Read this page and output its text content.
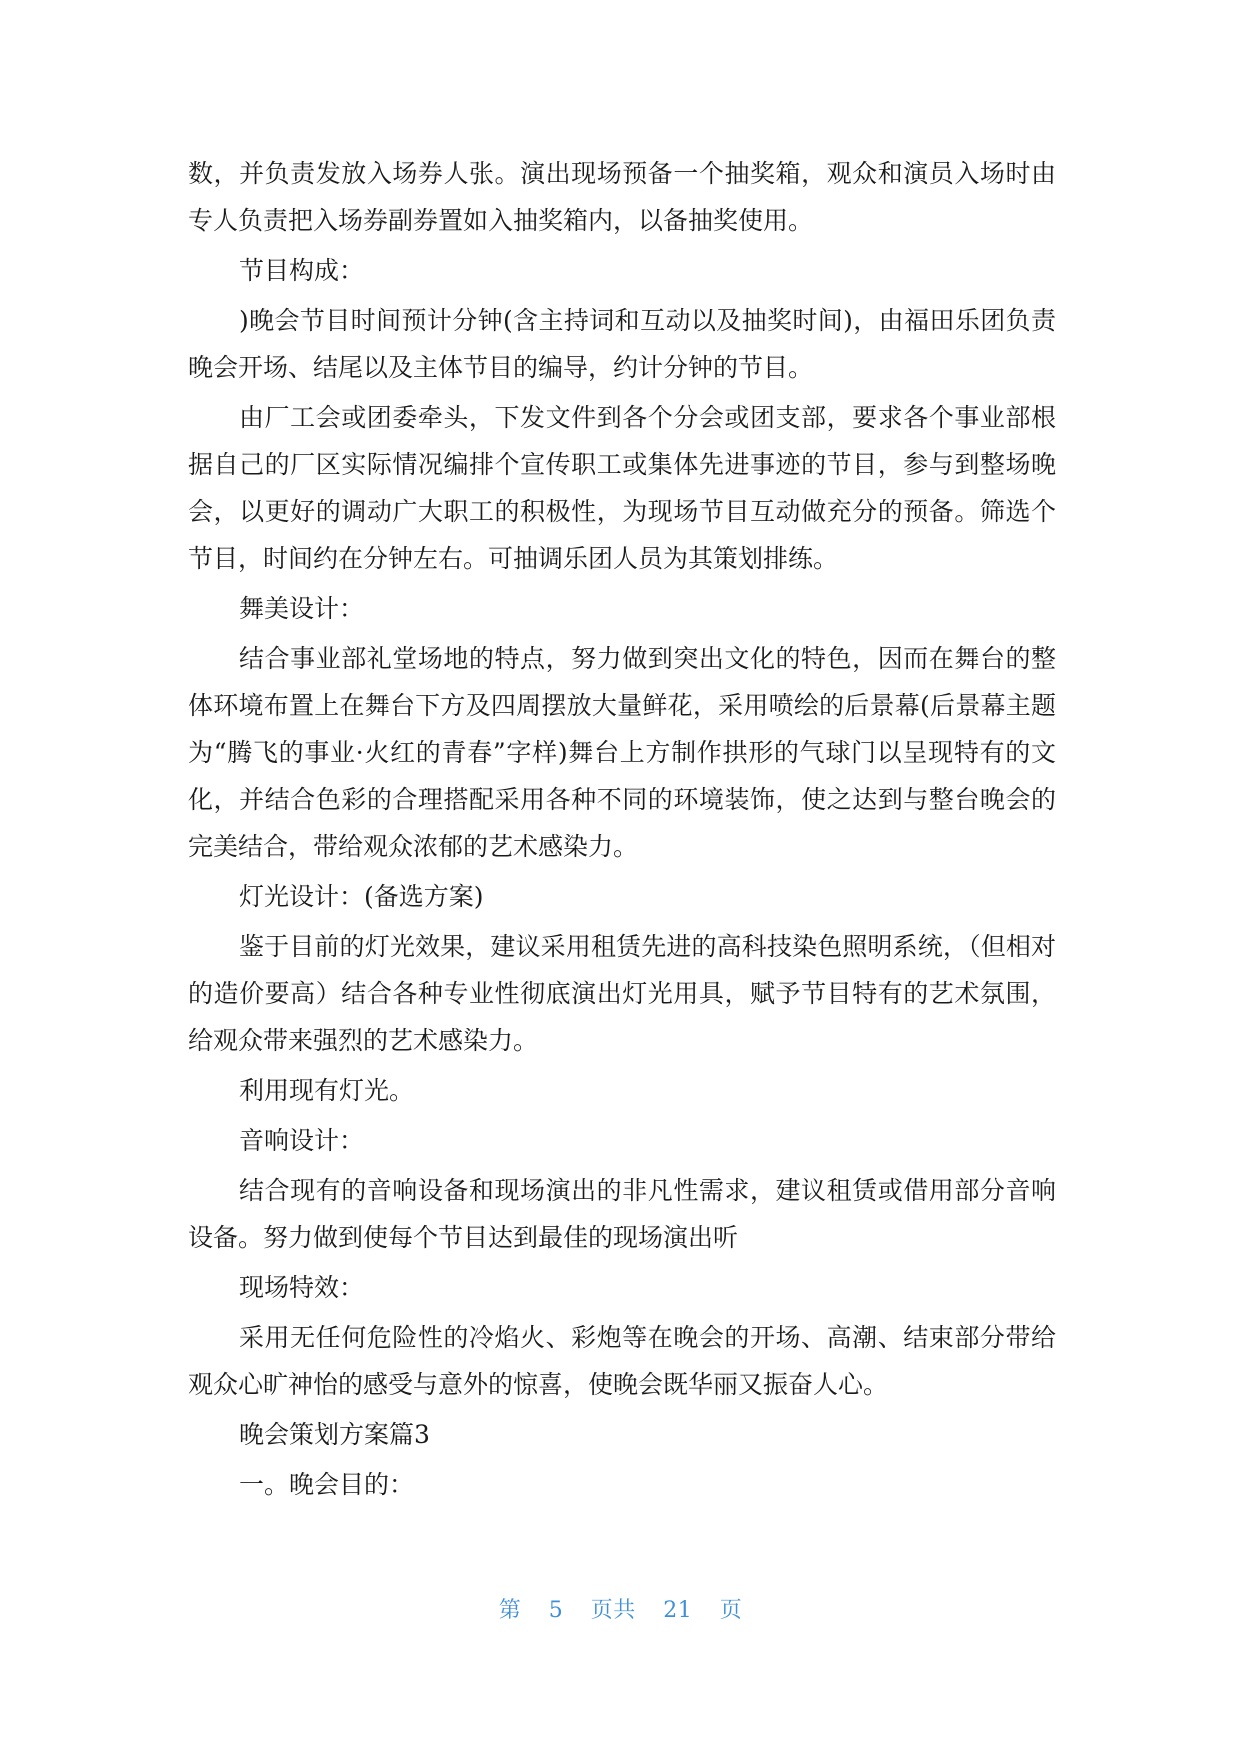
数，并负责发放入场券人张。演出现场预备一个抽奖箱，观众和演员入场时由专人负责把入场券副券置如入抽奖箱内，以备抽奖使用。

节目构成：

)晚会节目时间预计分钟(含主持词和互动以及抽奖时间)，由福田乐团负责晚会开场、结尾以及主体节目的编导，约计分钟的节目。

由厂工会或团委牵头，下发文件到各个分会或团支部，要求各个事业部根据自己的厂区实际情况编排个宣传职工或集体先进事迹的节目，参与到整场晚会，以更好的调动广大职工的积极性，为现场节目互动做充分的预备。筛选个节目，时间约在分钟左右。可抽调乐团人员为其策划排练。

舞美设计：

结合事业部礼堂场地的特点，努力做到突出文化的特色，因而在舞台的整体环境布置上在舞台下方及四周摆放大量鲜花，采用喷绘的后景幕(后景幕主题为“腾飞的事业·火红的青春”字样)舞台上方制作拱形的气球门以呈现特有的文化，并结合色彩的合理搭配采用各种不同的环境装饰，使之达到与整台晚会的完美结合，带给观众浓郁的艺术感染力。

灯光设计：(备选方案)

鉴于目前的灯光效果，建议采用租赁先进的高科技染色照明系统，（但相对的造价要高）结合各种专业性彻底演出灯光用具，赋予节目特有的艺术氛围，给观众带来强烈的艺术感染力。

利用现有灯光。

音响设计：

结合现有的音响设备和现场演出的非凡性需求，建议租赁或借用部分音响设备。努力做到使每个节目达到最佳的现场演出听

现场特效：

采用无任何危险性的冷焰火、彩炮等在晚会的开场、高潮、结束部分带给观众心旷神怡的感受与意外的惊喜，使晚会既华丽又振奋人心。

晚会策划方案篇3

一。晚会目的：

第 5 页共 21 页
